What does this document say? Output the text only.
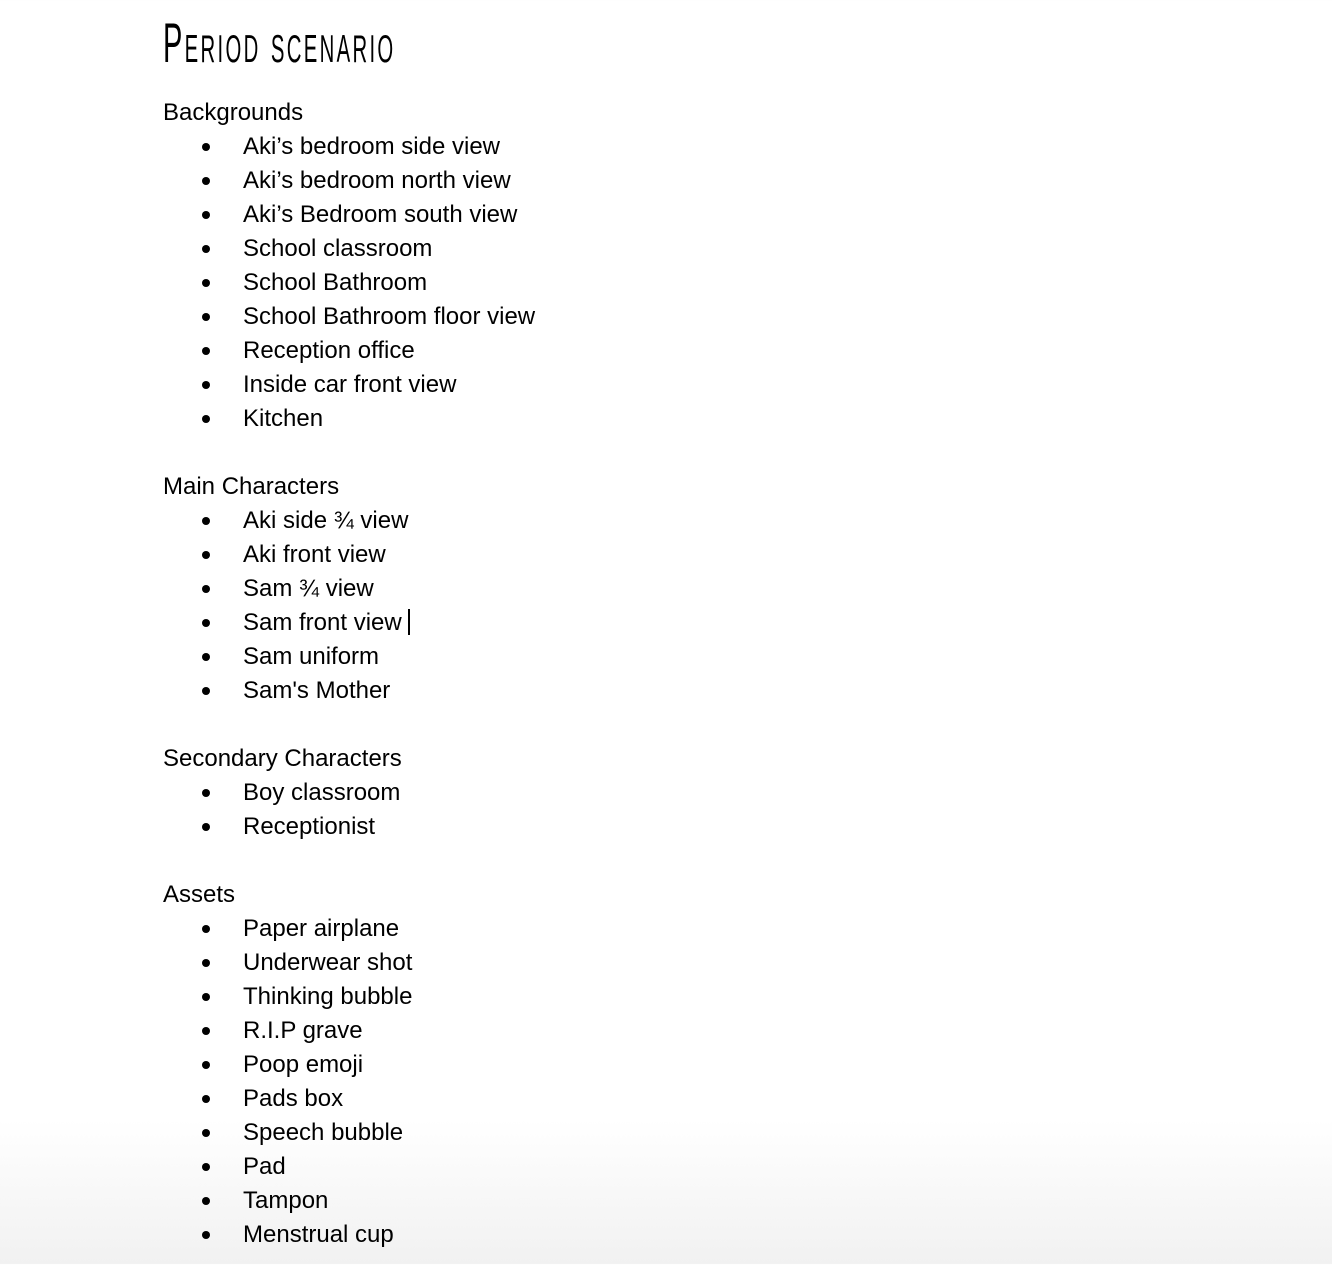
Period scenario

Backgrounds

Aki’s bedroom side view
Aki’s bedroom north view
Aki’s Bedroom south view
School classroom
School Bathroom
School Bathroom floor view
Reception office
Inside car front view
Kitchen

Main Characters

Aki side ¾ view
Aki front view
Sam ¾ view
Sam front view
Sam uniform
Sam's Mother

Secondary Characters

Boy classroom
Receptionist

Assets

Paper airplane
Underwear shot
Thinking bubble
R.I.P grave
Poop emoji
Pads box
Speech bubble
Pad
Tampon
Menstrual cup
